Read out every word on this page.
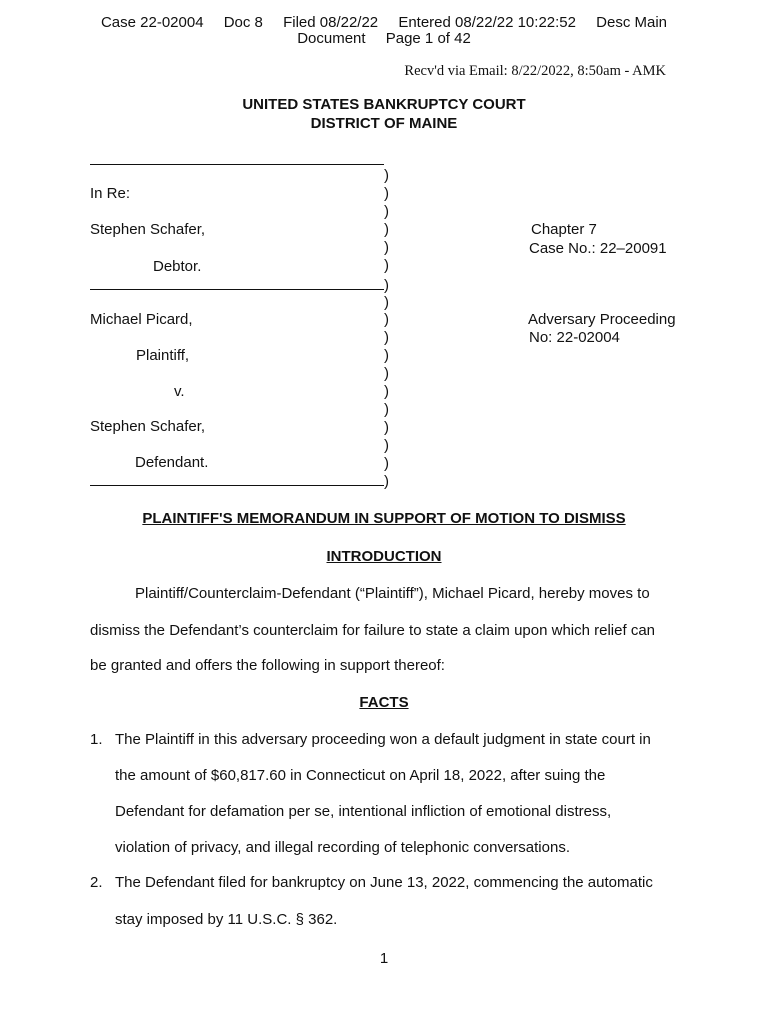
Case 22-02004 Doc 8 Filed 08/22/22 Entered 08/22/22 10:22:52 Desc Main
Document Page 1 of 42
Recv'd via Email: 8/22/2022, 8:50am - AMK
UNITED STATES BANKRUPTCY COURT
DISTRICT OF MAINE
)
)
)
)
)
)
)
)
)
)
)
)
)
)
)
)
)
)
In Re:
Stephen Schafer,
Debtor.
Michael Picard,
Plaintiff,
v.
Stephen Schafer,
Defendant.
Chapter 7
Case No.: 22–20091
Adversary Proceeding
No: 22-02004
PLAINTIFF'S MEMORANDUM IN SUPPORT OF MOTION TO DISMISS
INTRODUCTION
Plaintiff/Counterclaim-Defendant (“Plaintiff”), Michael Picard, hereby moves to
dismiss the Defendant’s counterclaim for failure to state a claim upon which relief can
be granted and offers the following in support thereof:
FACTS
1. The Plaintiff in this adversary proceeding won a default judgment in state court in
the amount of $60,817.60 in Connecticut on April 18, 2022, after suing the
Defendant for defamation per se, intentional infliction of emotional distress,
violation of privacy, and illegal recording of telephonic conversations.
2. The Defendant filed for bankruptcy on June 13, 2022, commencing the automatic
stay imposed by 11 U.S.C. § 362.
1
